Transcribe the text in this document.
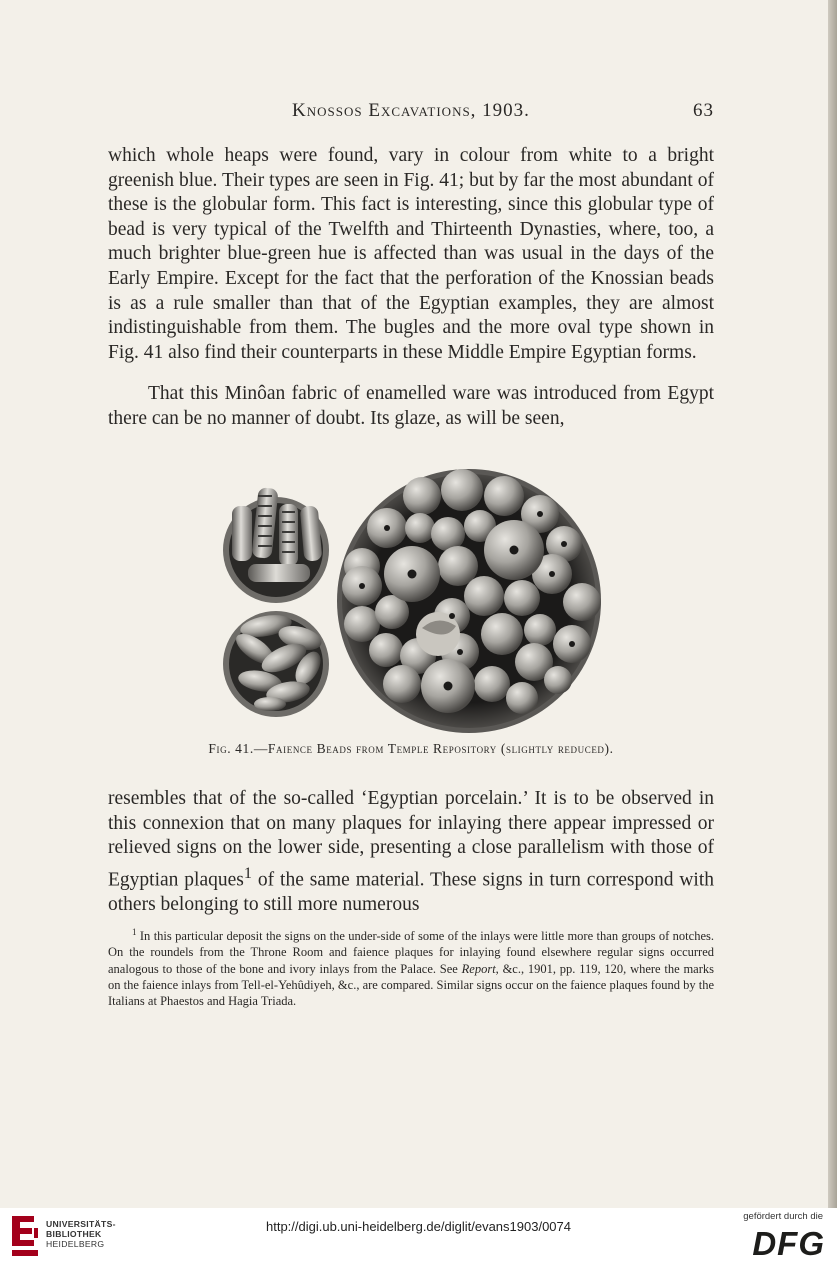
Knossos Excavations, 1903.	63

which whole heaps were found, vary in colour from white to a bright greenish blue. Their types are seen in Fig. 41; but by far the most abundant of these is the globular form. This fact is interesting, since this globular type of bead is very typical of the Twelfth and Thirteenth Dynasties, where, too, a much brighter blue-green hue is affected than was usual in the days of the Early Empire. Except for the fact that the perforation of the Knossian beads is as a rule smaller than that of the Egyptian examples, they are almost indistinguishable from them. The bugles and the more oval type shown in Fig. 41 also find their counterparts in these Middle Empire Egyptian forms.

That this Minôan fabric of enamelled ware was introduced from Egypt there can be no manner of doubt. Its glaze, as will be seen,

Fig. 41.—Faience Beads from Temple Repository (slightly reduced).

resembles that of the so-called ‘Egyptian porcelain.’ It is to be observed in this connexion that on many plaques for inlaying there appear impressed or relieved signs on the lower side, presenting a close parallelism with those of Egyptian plaques$^1$ of the same material. These signs in turn correspond with others belonging to still more numerous

$^1$ In this particular deposit the signs on the under-side of some of the inlays were little more than groups of notches. On the roundels from the Throne Room and faience plaques for inlaying found elsewhere regular signs occurred analogous to those of the bone and ivory inlays from the Palace. See Report, &c., 1901, pp. 119, 120, where the marks on the faience inlays from Tell-el-Yehûdiyeh, &c., are compared. Similar signs occur on the faience plaques found by the Italians at Phaestos and Hagia Triada.

UNIVERSITÄTS-
BIBLIOTHEK
HEIDELBERG
http://digi.ub.uni-heidelberg.de/diglit/evans1903/0074
gefördert durch die
DFG
